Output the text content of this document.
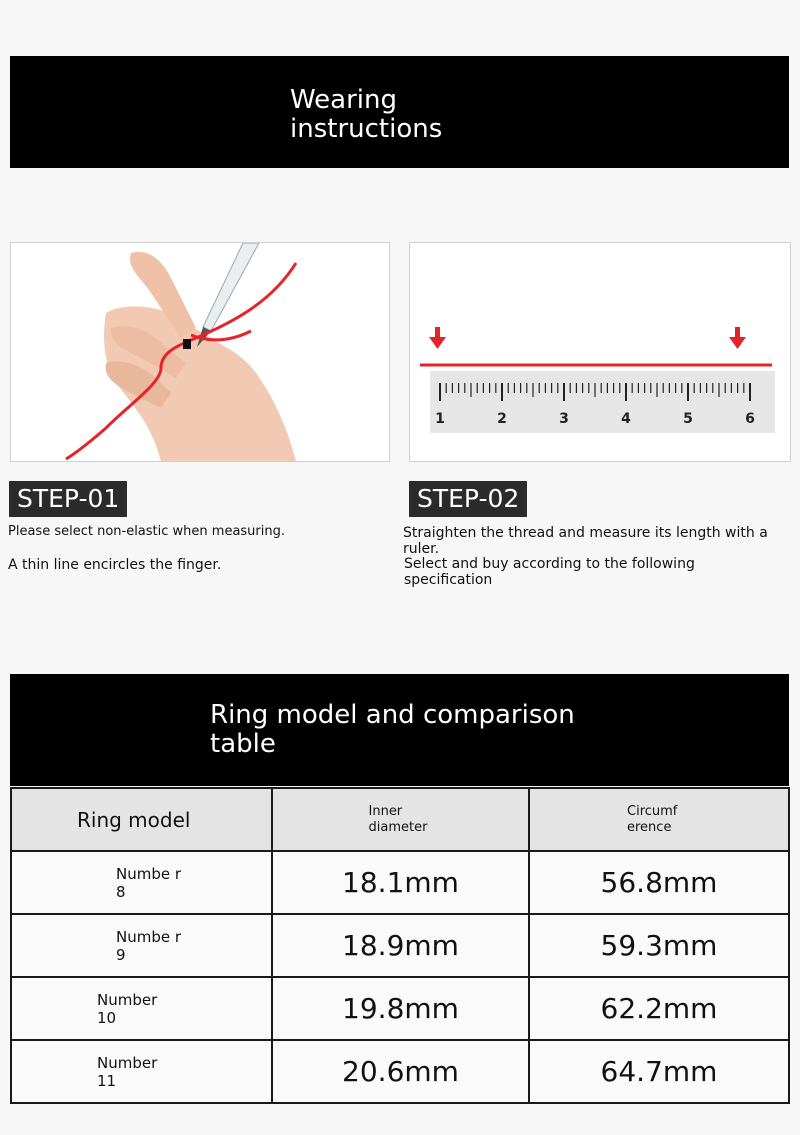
Wearing
instructions
1	2	3	4	5	6
STEP-01
Please select non-elastic when measuring.
A thin line encircles the finger.
STEP-02
Straighten the thread and measure its length with a ruler.
Select and buy according to the following specification
Ring model and comparison
table
Ring model	Inner diameter	Circumf erence

Numbe r 8	18.1mm	56.8mm

Numbe r 9	18.9mm	59.3mm

Number 10	19.8mm	62.2mm

Number 11	20.6mm	64.7mm
